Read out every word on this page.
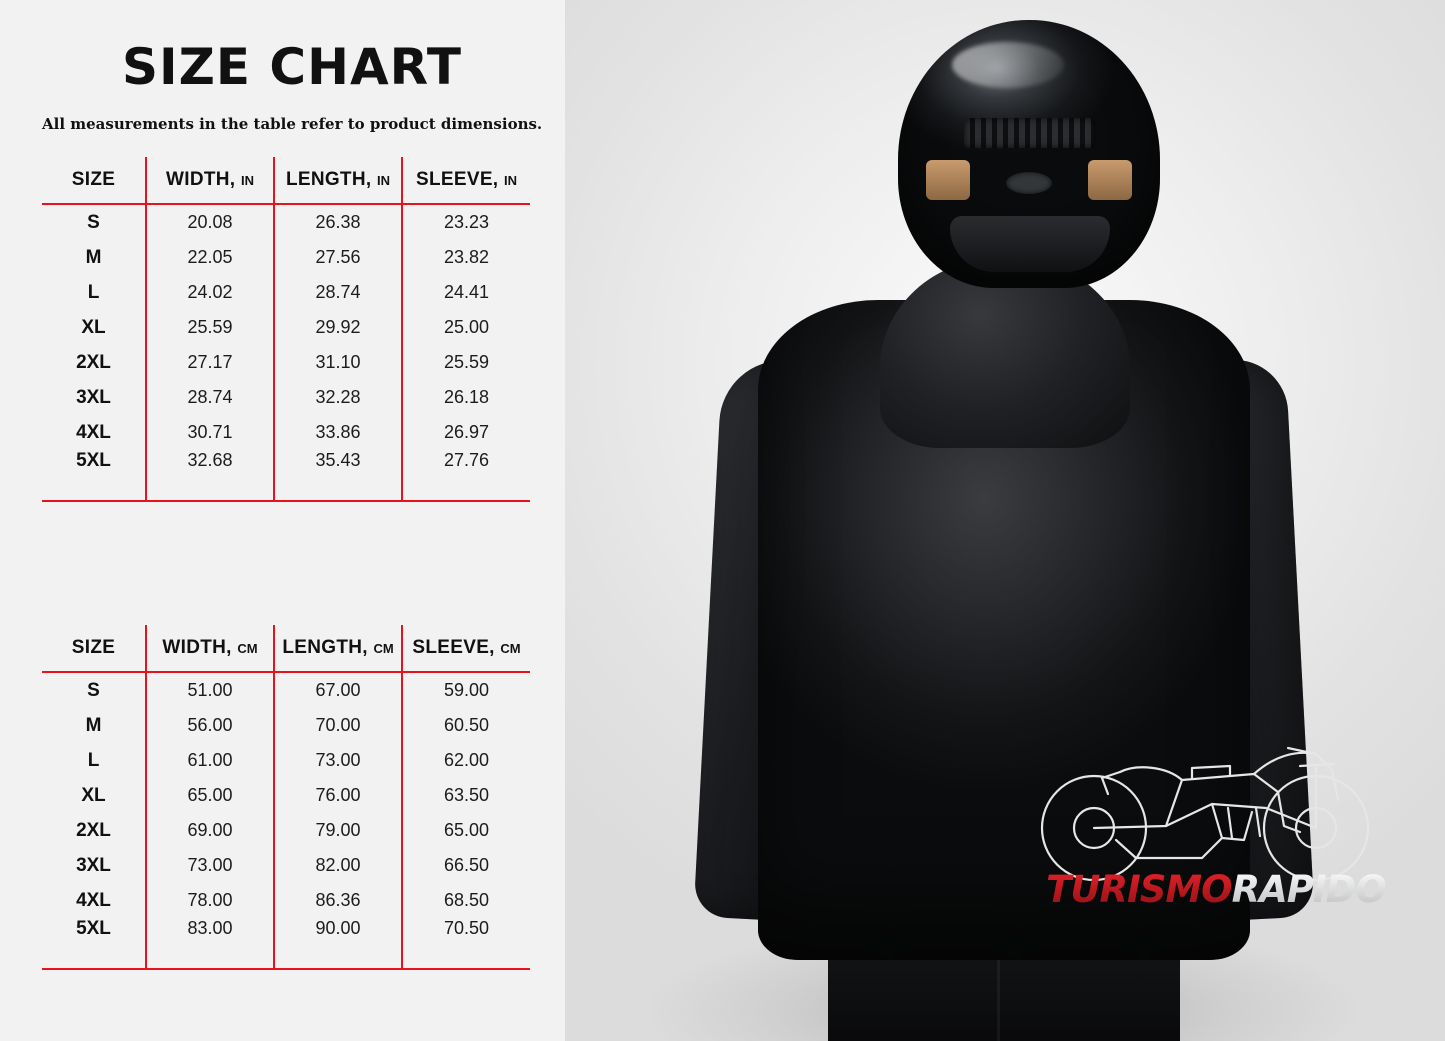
TURISMORAPIDO
SIZE CHART
All measurements in the table refer to product dimensions.
SIZE	WIDTH, IN	LENGTH, IN	SLEEVE, IN
S	20.08	26.38	23.23
M	22.05	27.56	23.82
L	24.02	28.74	24.41
XL	25.59	29.92	25.00
2XL	27.17	31.10	25.59
3XL	28.74	32.28	26.18
4XL	30.71	33.86	26.97
5XL	32.68	35.43	27.76
SIZE	WIDTH, CM	LENGTH, CM	SLEEVE, CM
S	51.00	67.00	59.00
M	56.00	70.00	60.50
L	61.00	73.00	62.00
XL	65.00	76.00	63.50
2XL	69.00	79.00	65.00
3XL	73.00	82.00	66.50
4XL	78.00	86.36	68.50
5XL	83.00	90.00	70.50
